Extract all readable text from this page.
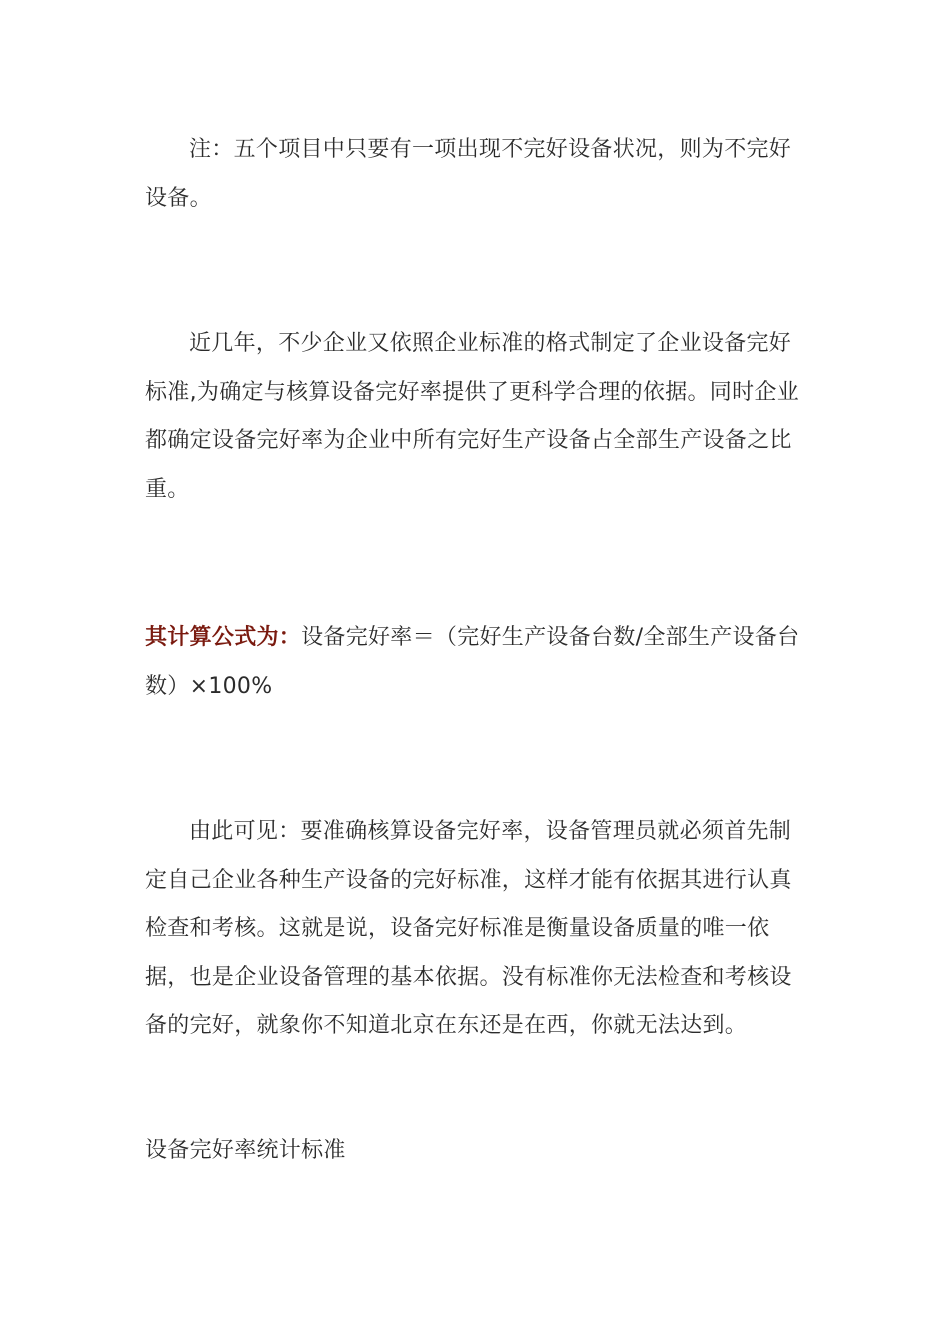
注：五个项目中只要有一项出现不完好设备状况，则为不完好设备。

近几年，不少企业又依照企业标准的格式制定了企业设备完好标准,为确定与核算设备完好率提供了更科学合理的依据。同时企业都确定设备完好率为企业中所有完好生产设备占全部生产设备之比重。

其计算公式为：设备完好率＝（完好生产设备台数/全部生产设备台数）×100%

由此可见：要准确核算设备完好率，设备管理员就必须首先制定自己企业各种生产设备的完好标准，这样才能有依据其进行认真检查和考核。这就是说，设备完好标准是衡量设备质量的唯一依据，也是企业设备管理的基本依据。没有标准你无法检查和考核设备的完好，就象你不知道北京在东还是在西，你就无法达到。

设备完好率统计标准
